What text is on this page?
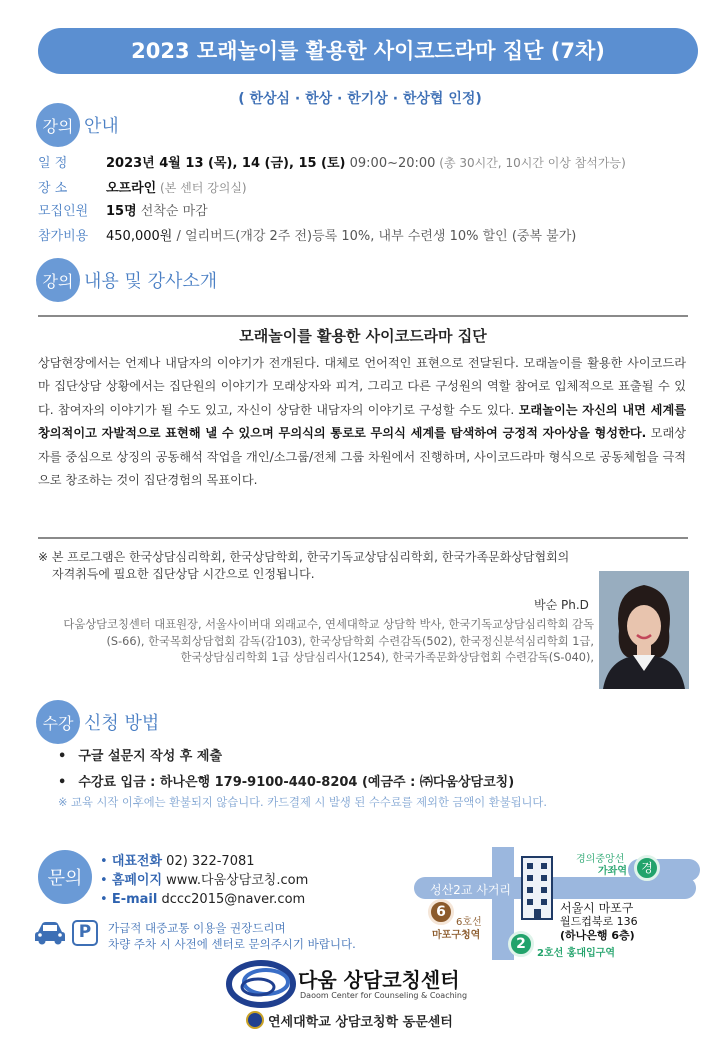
2023 모래놀이를 활용한 사이코드라마 집단 (7차)
( 한상심 · 한상 · 한기상 · 한상협 인정)
강의 안내
일 정	2023년 4월 13 (목), 14 (금), 15 (토) 09:00~20:00 (총 30시간, 10시간 이상 참석가능)
장 소	오프라인 (본 센터 강의실)
모집인원 15명 선착순 마감
참가비용 450,000원 / 얼리버드(개강 2주 전)등록 10%, 내부 수련생 10% 할인 (중복 불가)
강의 내용 및 강사소개
모래놀이를 활용한 사이코드라마 집단
상담현장에서는 언제나 내담자의 이야기가 전개된다. 대체로 언어적인 표현으로 전달된다. 모래놀이를 활용한 사이코드라마 집단상담 상황에서는 집단원의 이야기가 모래상자와 피겨, 그리고 다른 구성원의 역할 참여로 입체적으로 표출될 수 있다. 참여자의 이야기가 될 수도 있고, 자신이 상담한 내담자의 이야기로 구성할 수도 있다. 모래놀이는 자신의 내면 세계를 창의적이고 자발적으로 표현해 낼 수 있으며 무의식의 통로로 무의식 세계를 탐색하여 긍정적 자아상을 형성한다. 모래상자를 중심으로 상징의 공동해석 작업을 개인/소그룹/전체 그룹 차원에서 진행하며, 사이코드라마 형식으로 공동체험을 극적으로 창조하는 것이 집단경험의 목표이다.
※ 본 프로그램은 한국상담심리학회, 한국상담학회, 한국기독교상담심리학회, 한국가족문화상담협회의
자격취득에 필요한 집단상담 시간으로 인정됩니다.
박순 Ph.D
다움상담코칭센터 대표원장, 서울사이버대 외래교수, 연세대학교 상담학 박사, 한국기독교상담심리학회 감독
(S-66), 한국목회상담협회 감독(감103), 한국상담학회 수련감독(502), 한국정신분석심리학회 1급,
한국상담심리학회 1급 상담심리사(1254), 한국가족문화상담협회 수련감독(S-040),
수강 신청 방법
• 구글 설문지 작성 후 제출
• 수강료 입금 : 하나은행 179-9100-440-8204 (예금주 : ㈜다움상담코칭)
※ 교육 시작 이후에는 환불되지 않습니다. 카드결제 시 발생 된 수수료를 제외한 금액이 환불됩니다.
문의
• 대표전화 02) 322-7081
• 홈페이지 www.다움상담코칭.com
• E-mail dccc2015@naver.com
P	가급적 대중교통 이용을 권장드리며
차량 주차 시 사전에 센터로 문의주시기 바랍니다.
성산2교 사거리
6
6호선
마포구청역
경의중앙선
가좌역	경
서울시 마포구
월드컵북로 136
(하나은행 6층)
2
2호선 홍대입구역
다움 상담코칭센터
Daoom Center for Counseling & Coaching
연세대학교 상담코칭학 동문센터
